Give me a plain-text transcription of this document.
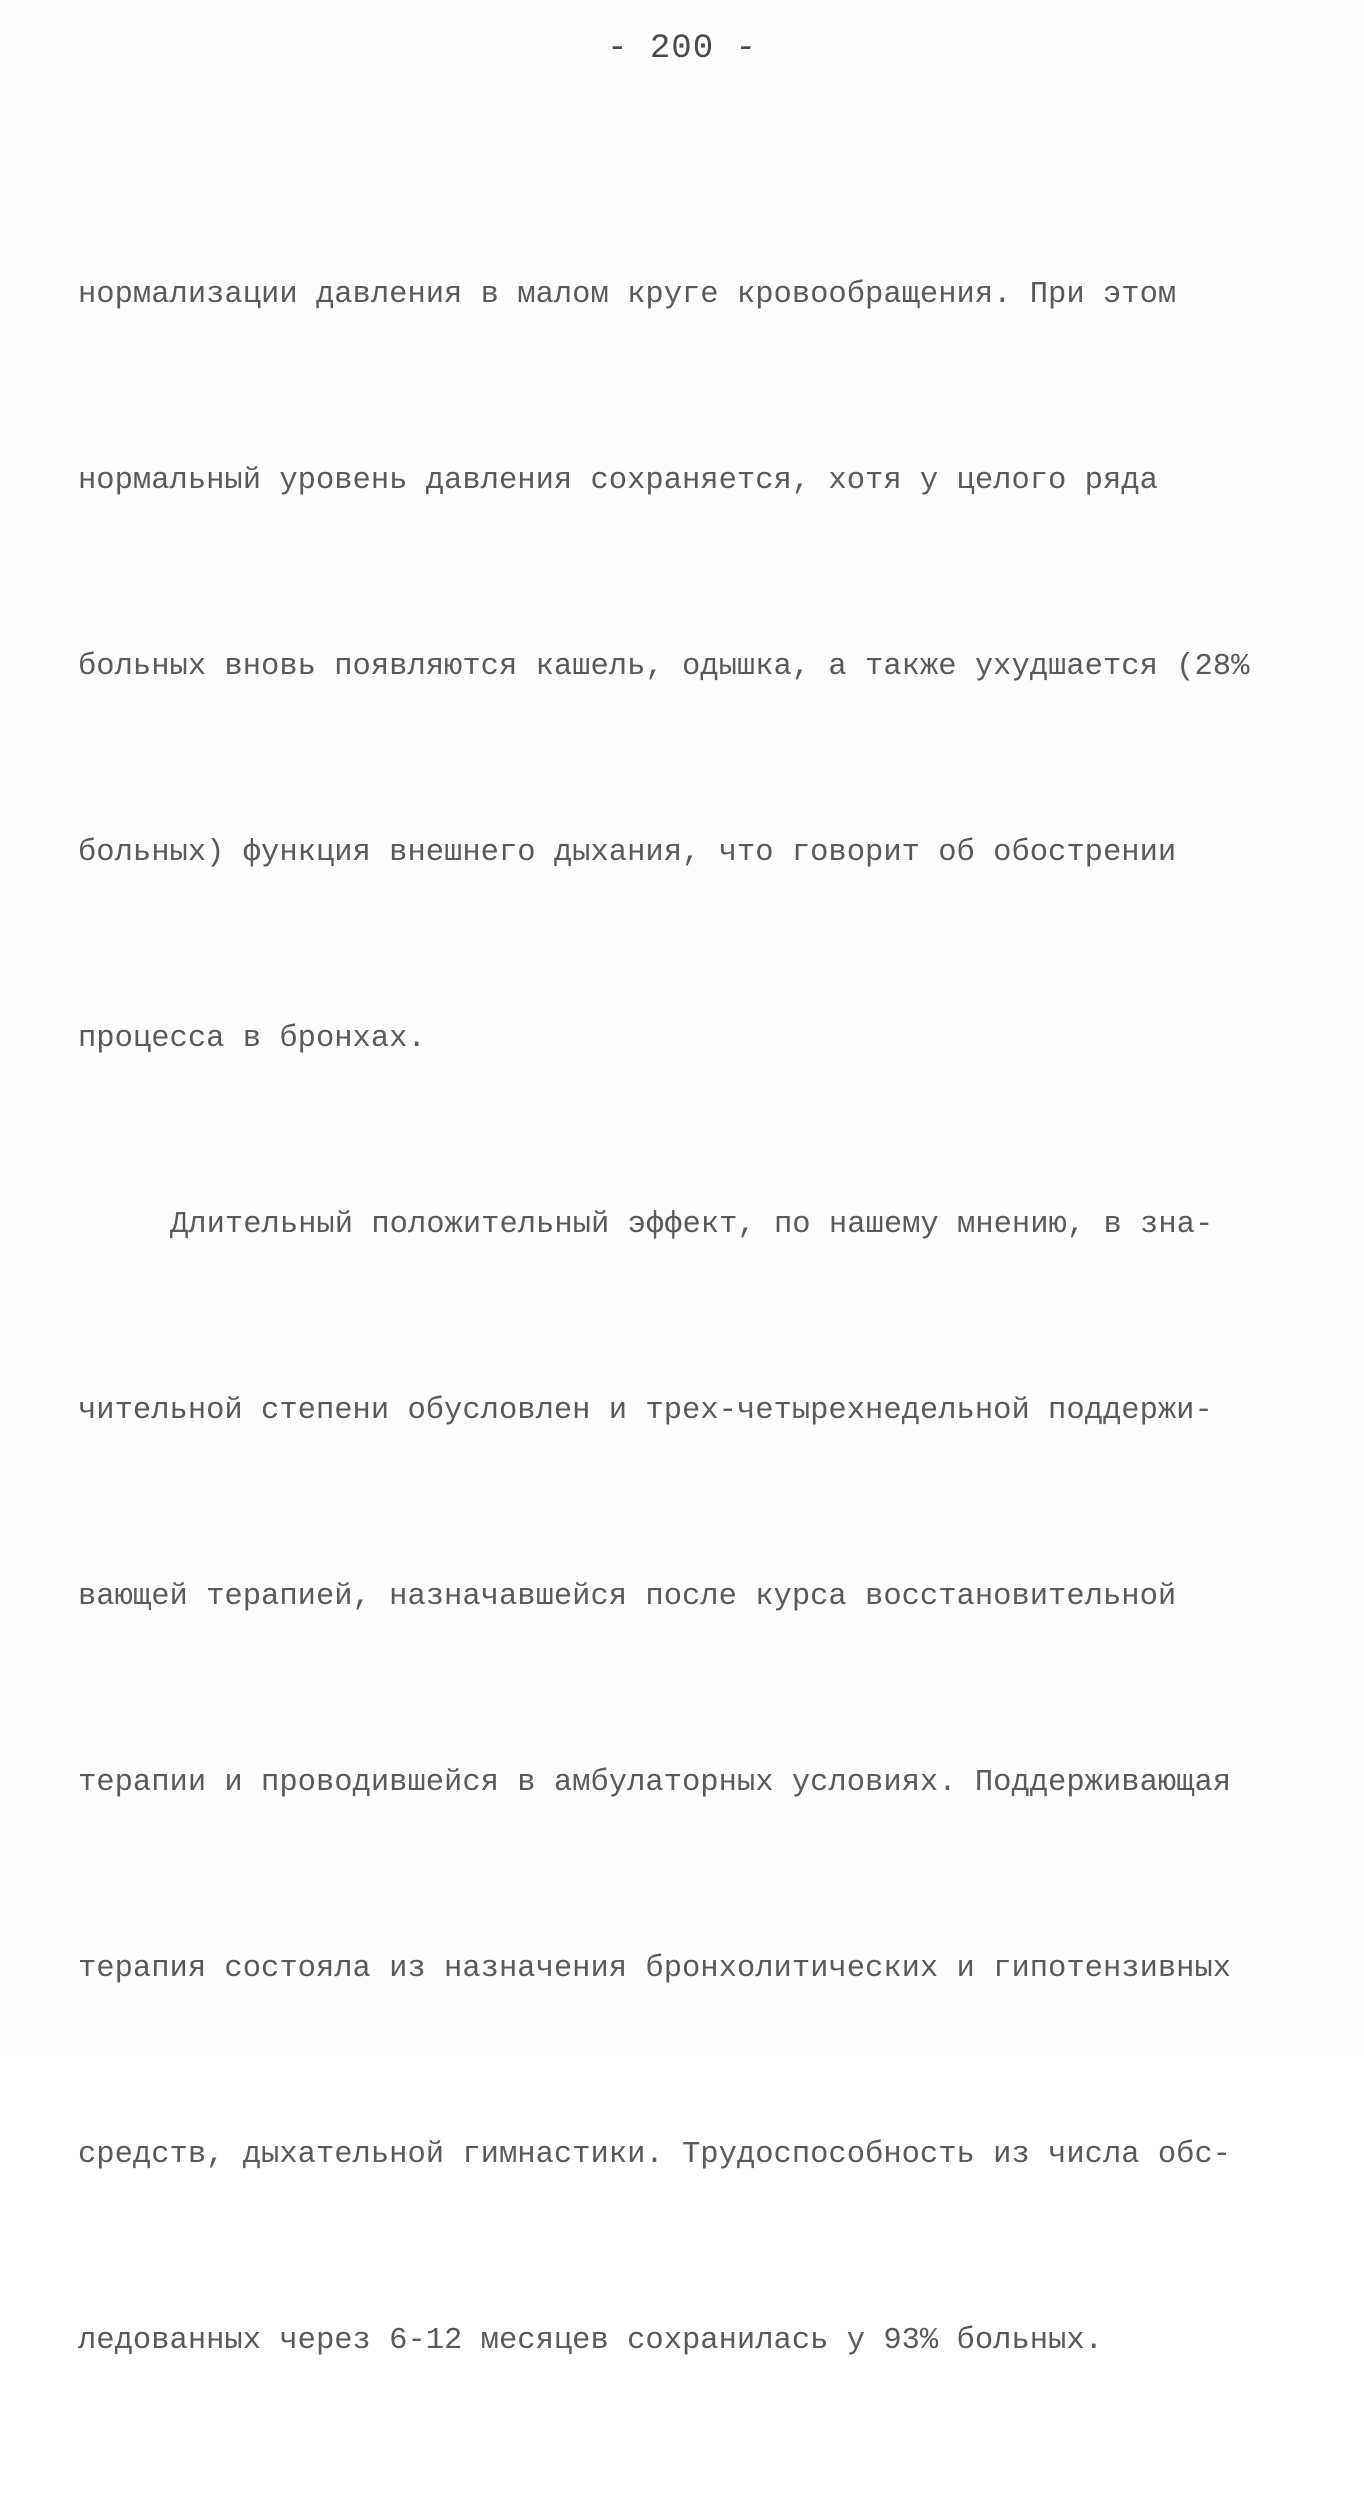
- 200 -

нормализации давления в малом круге кровообращения. При этом

нормальный уровень давления сохраняется, хотя у целого ряда

больных вновь появляются кашель, одышка, а также ухудшается (28%

больных) функция внешнего дыхания, что говорит об обострении

процесса в бронхах.

Длительный положительный эффект, по нашему мнению, в зна-

чительной степени обусловлен и трех-четырехнедельной поддержи-

вающей терапией, назначавшейся после курса восстановительной

терапии и проводившейся в амбулаторных условиях. Поддерживающая

терапия состояла из назначения бронхолитических и гипотензивных

средств, дыхательной гимнастики. Трудоспособность из числа обс-

ледованных через 6-12 месяцев сохранилась у 93% больных.
